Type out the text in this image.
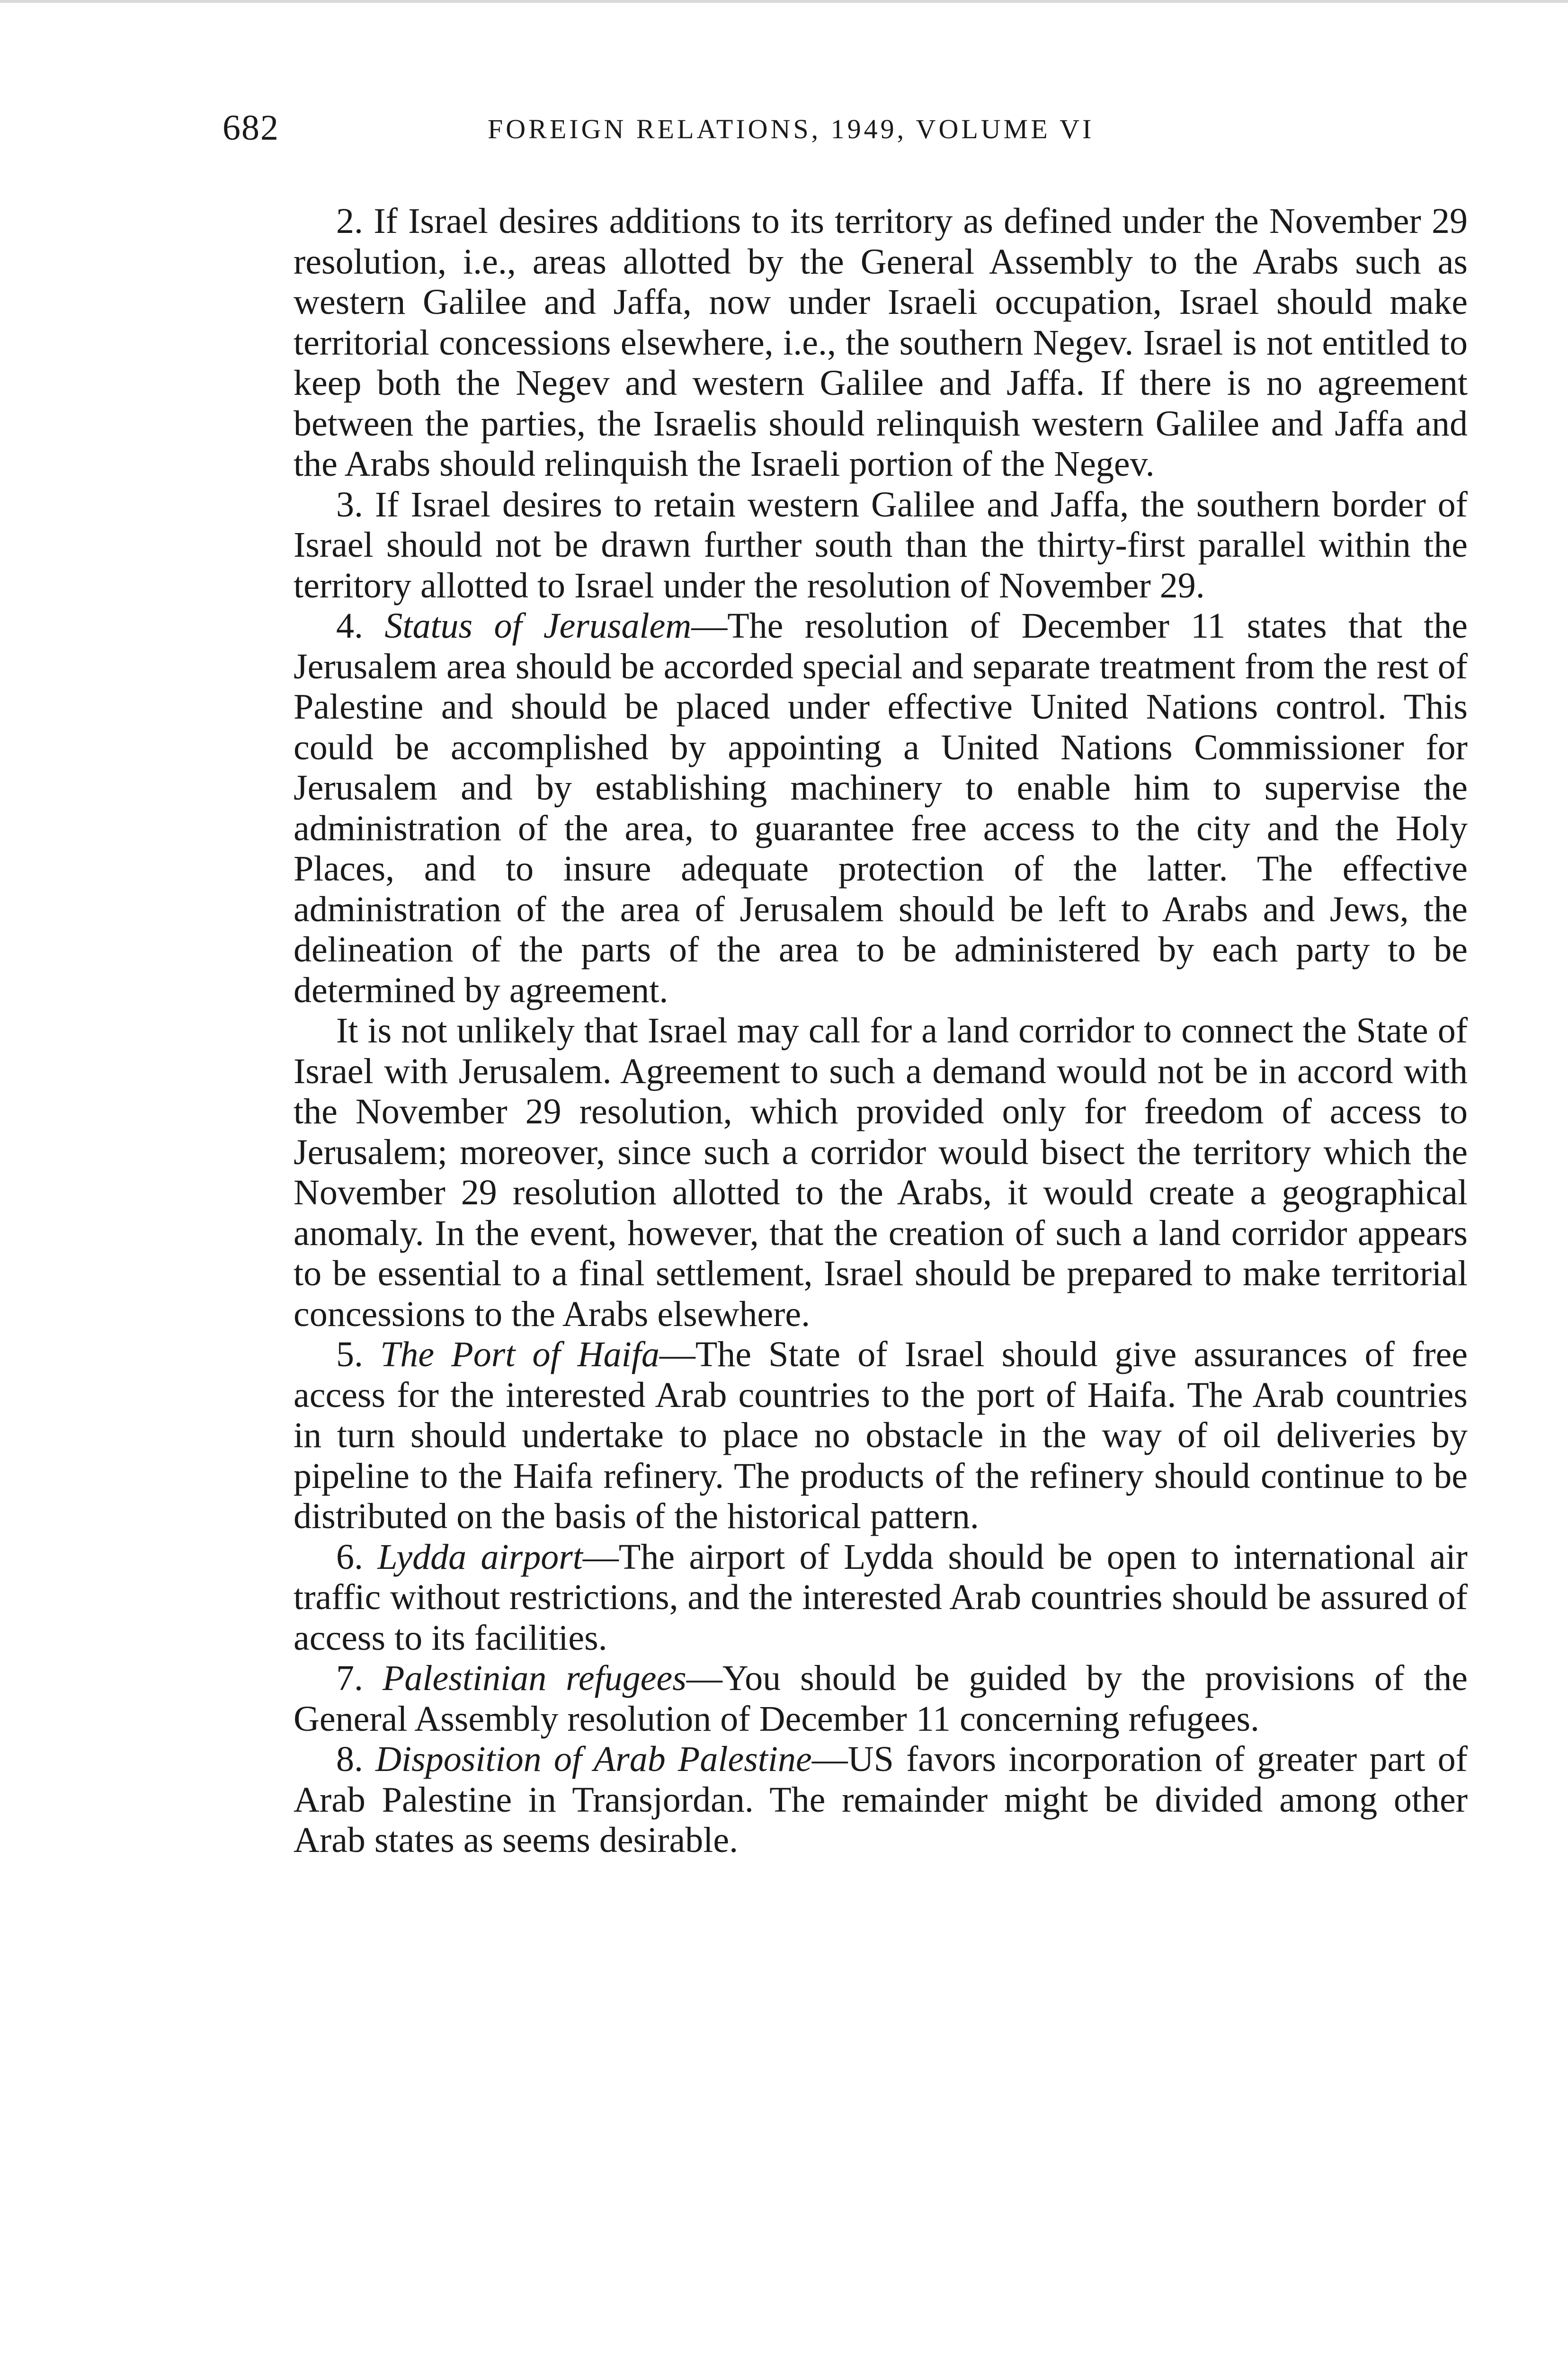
682	FOREIGN RELATIONS, 1949, VOLUME VI

2. If Israel desires additions to its territory as defined under the November 29 resolution, i.e., areas allotted by the General Assembly to the Arabs such as western Galilee and Jaffa, now under Israeli occupation, Israel should make territorial concessions elsewhere, i.e., the southern Negev. Israel is not entitled to keep both the Negev and western Galilee and Jaffa. If there is no agreement between the parties, the Israelis should relinquish western Galilee and Jaffa and the Arabs should relinquish the Israeli portion of the Negev.

3. If Israel desires to retain western Galilee and Jaffa, the southern border of Israel should not be drawn further south than the thirty-first parallel within the territory allotted to Israel under the resolution of November 29.

4. Status of Jerusalem—The resolution of December 11 states that the Jerusalem area should be accorded special and separate treatment from the rest of Palestine and should be placed under effective United Nations control. This could be accomplished by appointing a United Nations Commissioner for Jerusalem and by establishing machinery to enable him to supervise the administration of the area, to guarantee free access to the city and the Holy Places, and to insure adequate protection of the latter. The effective administration of the area of Jerusalem should be left to Arabs and Jews, the delineation of the parts of the area to be administered by each party to be determined by agreement.

It is not unlikely that Israel may call for a land corridor to connect the State of Israel with Jerusalem. Agreement to such a demand would not be in accord with the November 29 resolution, which provided only for freedom of access to Jerusalem; moreover, since such a corridor would bisect the territory which the November 29 resolution allotted to the Arabs, it would create a geographical anomaly. In the event, however, that the creation of such a land corridor appears to be essential to a final settlement, Israel should be prepared to make territorial concessions to the Arabs elsewhere.

5. The Port of Haifa—The State of Israel should give assurances of free access for the interested Arab countries to the port of Haifa. The Arab countries in turn should undertake to place no obstacle in the way of oil deliveries by pipeline to the Haifa refinery. The products of the refinery should continue to be distributed on the basis of the historical pattern.

6. Lydda airport—The airport of Lydda should be open to international air traffic without restrictions, and the interested Arab countries should be assured of access to its facilities.

7. Palestinian refugees—You should be guided by the provisions of the General Assembly resolution of December 11 concerning refugees.

8. Disposition of Arab Palestine—US favors incorporation of greater part of Arab Palestine in Transjordan. The remainder might be divided among other Arab states as seems desirable.
